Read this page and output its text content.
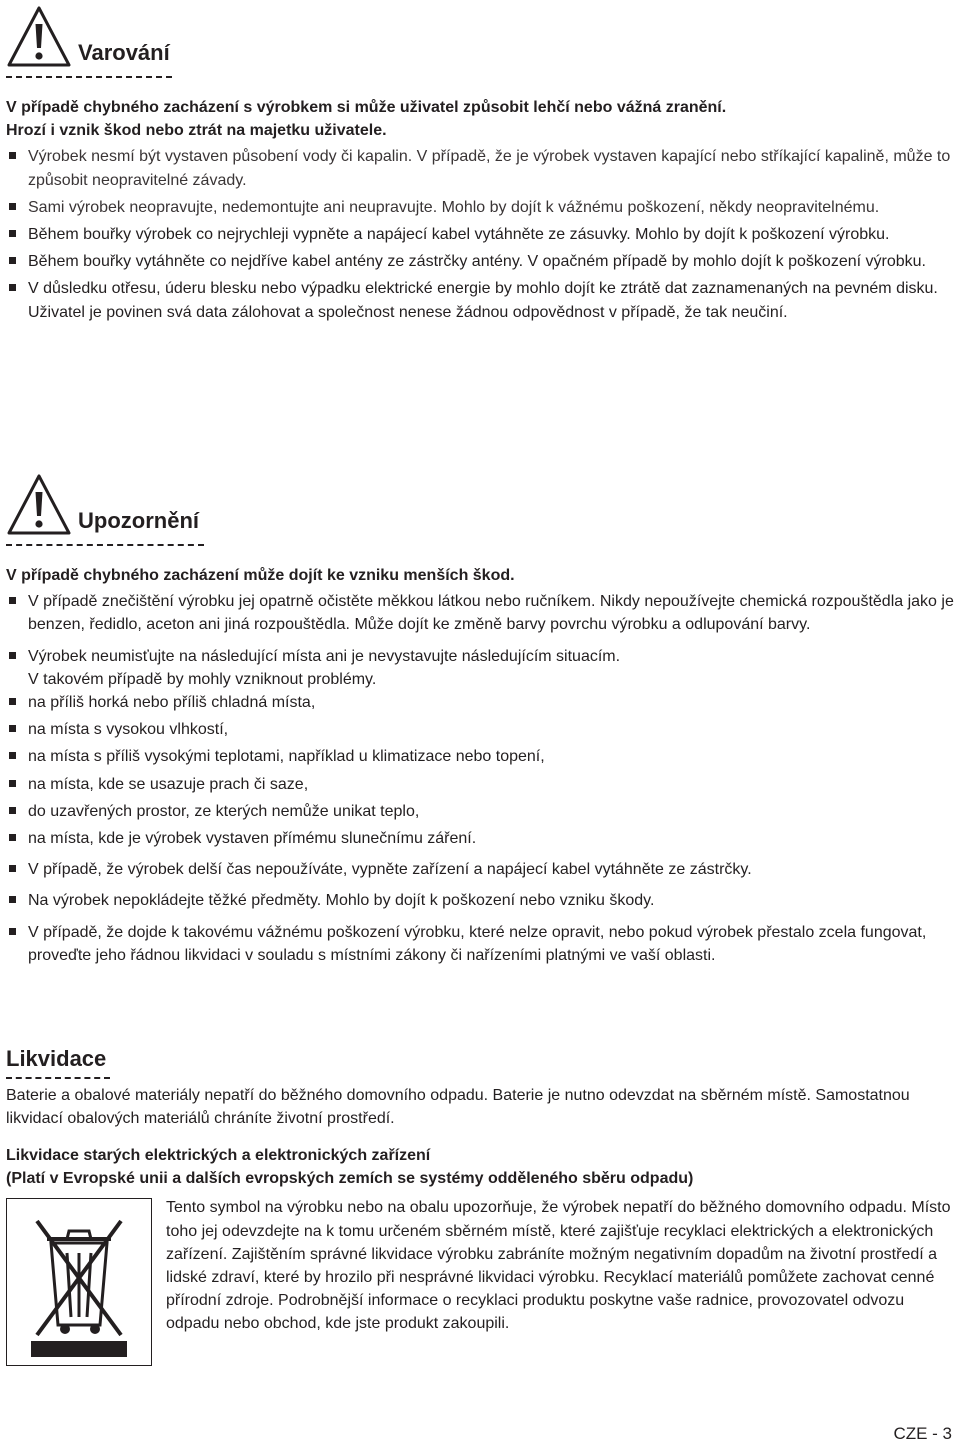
Varování
V případě chybného zacházení s výrobkem si může uživatel způsobit lehčí nebo vážná zranění.
Hrozí i vznik škod nebo ztrát na majetku uživatele.
Výrobek nesmí být vystaven působení vody či kapalin. V případě, že je výrobek vystaven kapající nebo stříkající kapalině, může to způsobit neopravitelné závady.
Sami výrobek neopravujte, nedemontujte ani neupravujte. Mohlo by dojít k vážnému poškození, někdy neopravitelnému.
Během bouřky výrobek co nejrychleji vypněte a napájecí kabel vytáhněte ze zásuvky. Mohlo by dojít k poškození výrobku.
Během bouřky vytáhněte co nejdříve kabel antény ze zástrčky antény. V opačném případě by mohlo dojít k poškození výrobku.
V důsledku otřesu, úderu blesku nebo výpadku elektrické energie by mohlo dojít ke ztrátě dat zaznamenaných na pevném disku.
Uživatel je povinen svá data zálohovat a společnost nenese žádnou odpovědnost v případě, že tak neučiní.
Upozornění
V případě chybného zacházení může dojít ke vzniku menších škod.
V případě znečištění výrobku jej opatrně očistěte měkkou látkou nebo ručníkem. Nikdy nepoužívejte chemická rozpouštědla jako je benzen, ředidlo, aceton ani jiná rozpouštědla. Může dojít ke změně barvy povrchu výrobku a odlupování barvy.
Výrobek neumisťujte na následující místa ani je nevystavujte následujícím situacím.
V takovém případě by mohly vzniknout problémy.
na příliš horká nebo příliš chladná místa,
na místa s vysokou vlhkostí,
na místa s příliš vysokými teplotami, například u klimatizace nebo topení,
na místa, kde se usazuje prach či saze,
do uzavřených prostor, ze kterých nemůže unikat teplo,
na místa, kde je výrobek vystaven přímému slunečnímu záření.
V případě, že výrobek delší čas nepoužíváte, vypněte zařízení a napájecí kabel vytáhněte ze zástrčky.
Na výrobek nepokládejte těžké předměty. Mohlo by dojít k poškození nebo vzniku škody.
V případě, že dojde k takovému vážnému poškození výrobku, které nelze opravit, nebo pokud výrobek přestalo zcela fungovat, proveďte jeho řádnou likvidaci v souladu s místními zákony či nařízeními platnými ve vaší oblasti.
Likvidace
Baterie a obalové materiály nepatří do běžného domovního odpadu. Baterie je nutno odevzdat na sběrném místě. Samostatnou likvidací obalových materiálů chráníte životní prostředí.
Likvidace starých elektrických a elektronických zařízení
(Platí v Evropské unii a dalších evropských zemích se systémy odděleného sběru odpadu)
Tento symbol na výrobku nebo na obalu upozorňuje, že výrobek nepatří do běžného domovního odpadu. Místo toho jej odevzdejte na k tomu určeném sběrném místě, které zajišťuje recyklaci elektrických a elektronických zařízení. Zajištěním správné likvidace výrobku zabráníte možným negativním dopadům na životní prostředí a lidské zdraví, které by hrozilo při nesprávné likvidaci výrobku. Recyklací materiálů pomůžete zachovat cenné přírodní zdroje. Podrobnější informace o recyklaci produktu poskytne vaše radnice, provozovatel odvozu odpadu nebo obchod, kde jste produkt zakoupili.
CZE - 3
